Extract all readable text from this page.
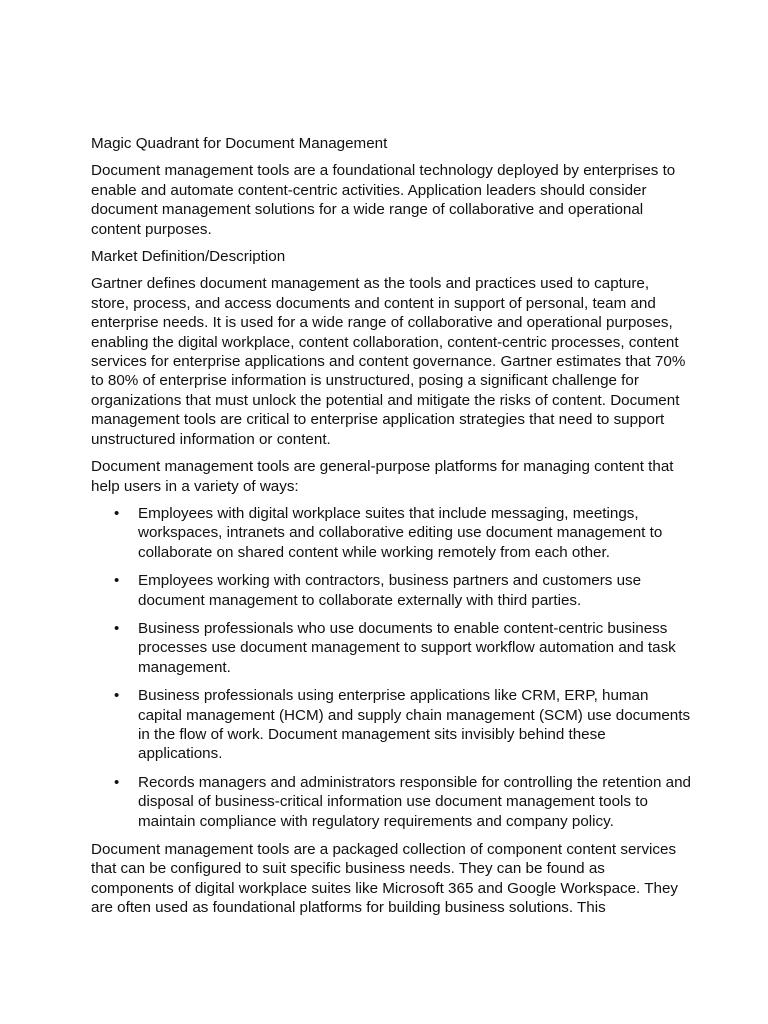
Magic Quadrant for Document Management

Document management tools are a foundational technology deployed by enterprises to enable and automate content-centric activities. Application leaders should consider document management solutions for a wide range of collaborative and operational content purposes.

Market Definition/Description

Gartner defines document management as the tools and practices used to capture, store, process, and access documents and content in support of personal, team and enterprise needs. It is used for a wide range of collaborative and operational purposes, enabling the digital workplace, content collaboration, content-centric processes, content services for enterprise applications and content governance. Gartner estimates that 70% to 80% of enterprise information is unstructured, posing a significant challenge for organizations that must unlock the potential and mitigate the risks of content. Document management tools are critical to enterprise application strategies that need to support unstructured information or content.

Document management tools are general-purpose platforms for managing content that help users in a variety of ways:

• Employees with digital workplace suites that include messaging, meetings, workspaces, intranets and collaborative editing use document management to collaborate on shared content while working remotely from each other.
• Employees working with contractors, business partners and customers use document management to collaborate externally with third parties.
• Business professionals who use documents to enable content-centric business processes use document management to support workflow automation and task management.
• Business professionals using enterprise applications like CRM, ERP, human capital management (HCM) and supply chain management (SCM) use documents in the flow of work. Document management sits invisibly behind these applications.
• Records managers and administrators responsible for controlling the retention and disposal of business-critical information use document management tools to maintain compliance with regulatory requirements and company policy.

Document management tools are a packaged collection of component content services that can be configured to suit specific business needs. They can be found as components of digital workplace suites like Microsoft 365 and Google Workspace. They are often used as foundational platforms for building business solutions. This
